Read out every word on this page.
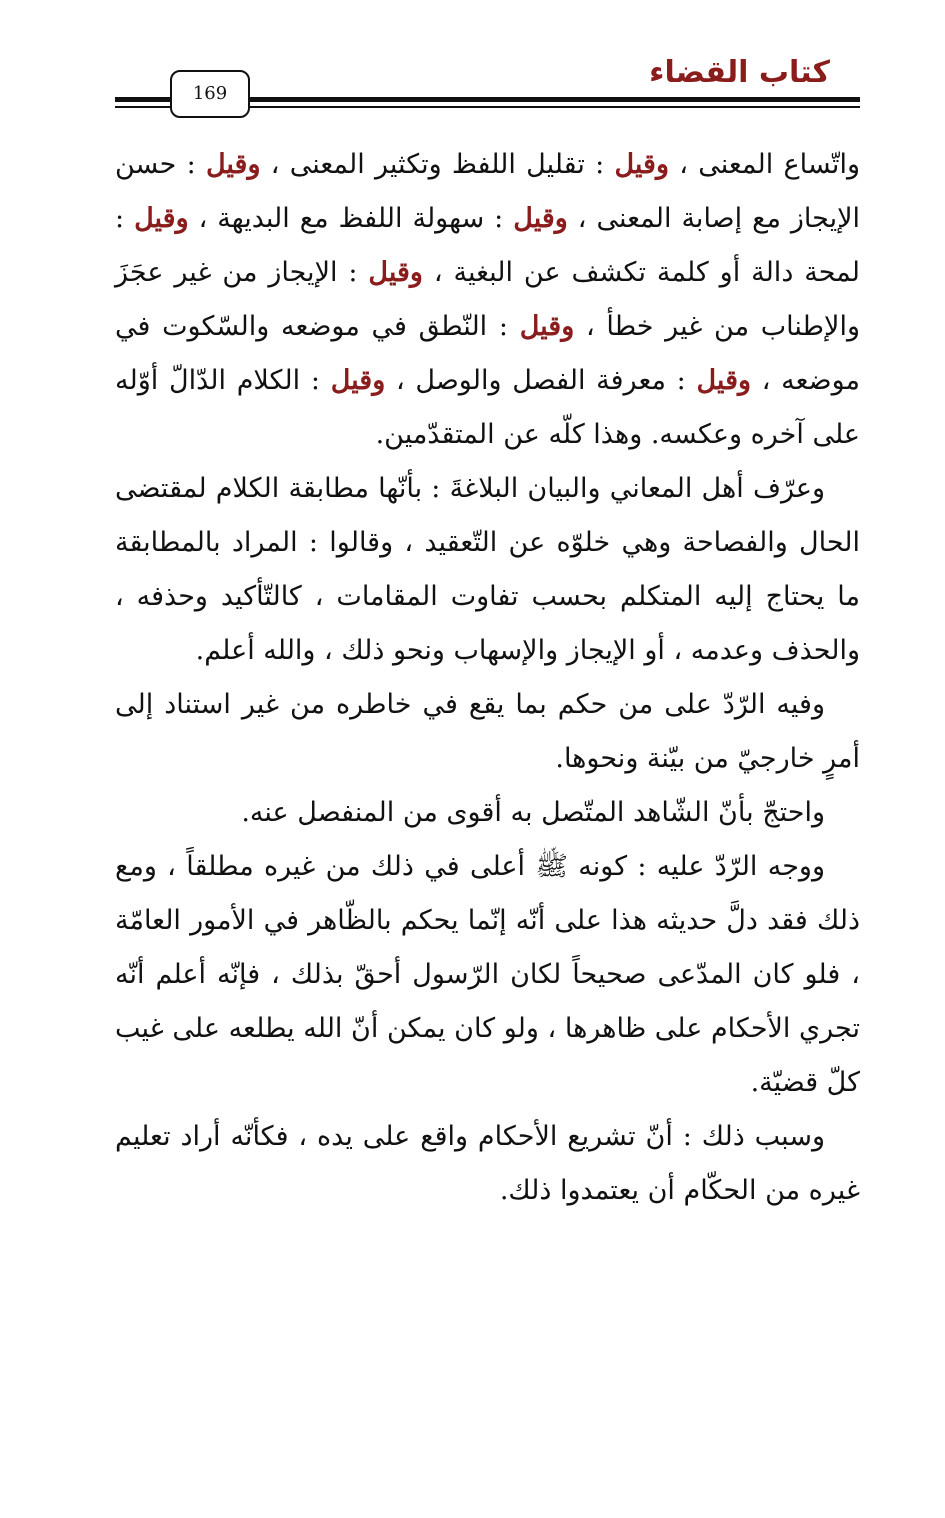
كتاب القضاء
169

واتّساع المعنى ، وقيل : تقليل اللفظ وتكثير المعنى ، وقيل : حسن الإيجاز مع إصابة المعنى ، وقيل : سهولة اللفظ مع البديهة ، وقيل : لمحة دالة أو كلمة تكشف عن البغية ، وقيل : الإيجاز من غير عجَزَ والإطناب من غير خطأ ، وقيل : النّطق في موضعه والسّكوت في موضعه ، وقيل : معرفة الفصل والوصل ، وقيل : الكلام الدّالّ أوّله على آخره وعكسه. وهذا كلّه عن المتقدّمين.

وعرّف أهل المعاني والبيان البلاغةَ : بأنّها مطابقة الكلام لمقتضى الحال والفصاحة وهي خلوّه عن التّعقيد ، وقالوا : المراد بالمطابقة ما يحتاج إليه المتكلم بحسب تفاوت المقامات ، كالتّأكيد وحذفه ، والحذف وعدمه ، أو الإيجاز والإسهاب ونحو ذلك ، والله أعلم.

وفيه الرّدّ على من حكم بما يقع في خاطره من غير استناد إلى أمرٍ خارجيّ من بيّنة ونحوها.

واحتجّ بأنّ الشّاهد المتّصل به أقوى من المنفصل عنه.

ووجه الرّدّ عليه : كونه ﷺ أعلى في ذلك من غيره مطلقاً ، ومع ذلك فقد دلَّ حديثه هذا على أنّه إنّما يحكم بالظّاهر في الأمور العامّة ، فلو كان المدّعى صحيحاً لكان الرّسول أحقّ بذلك ، فإنّه أعلم أنّه تجري الأحكام على ظاهرها ، ولو كان يمكن أنّ الله يطلعه على غيب كلّ قضيّة.

وسبب ذلك : أنّ تشريع الأحكام واقع على يده ، فكأنّه أراد تعليم غيره من الحكّام أن يعتمدوا ذلك.
